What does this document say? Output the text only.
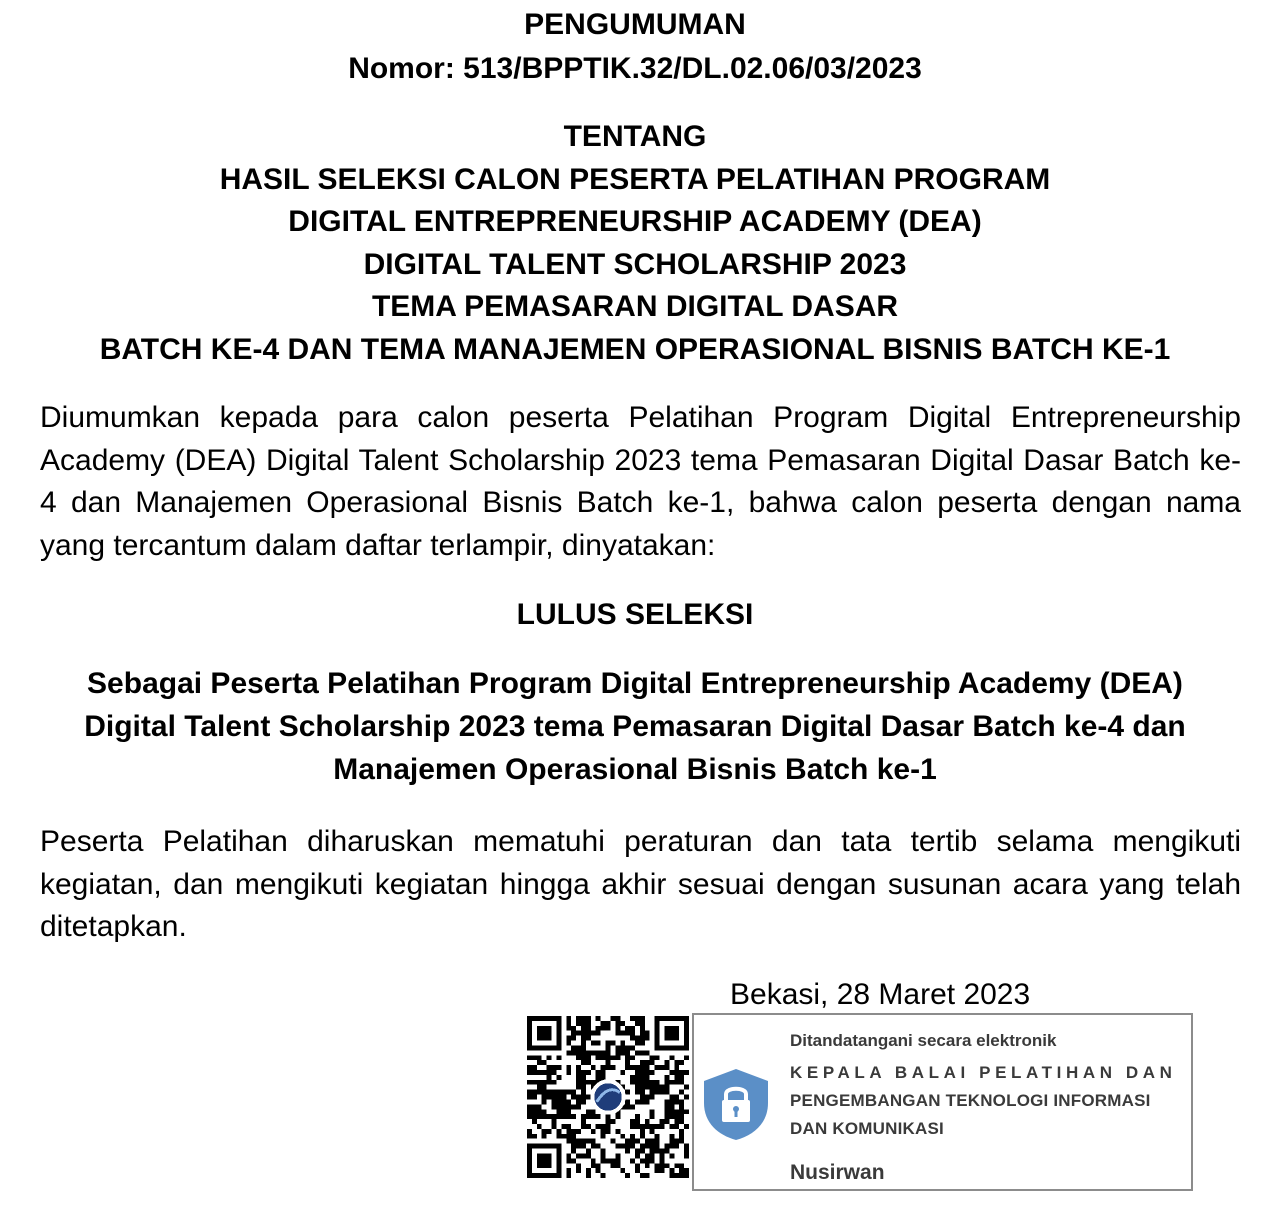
PENGUMUMAN
Nomor: 513/BPPTIK.32/DL.02.06/03/2023
TENTANG
HASIL SELEKSI CALON PESERTA PELATIHAN PROGRAM
DIGITAL ENTREPRENEURSHIP ACADEMY (DEA)
DIGITAL TALENT SCHOLARSHIP 2023
TEMA PEMASARAN DIGITAL DASAR
BATCH KE-4 DAN TEMA MANAJEMEN OPERASIONAL BISNIS BATCH KE-1
Diumumkan kepada para calon peserta Pelatihan Program Digital Entrepreneurship Academy (DEA) Digital Talent Scholarship 2023 tema Pemasaran Digital Dasar Batch ke-4 dan Manajemen Operasional Bisnis Batch ke-1, bahwa calon peserta dengan nama yang tercantum dalam daftar terlampir, dinyatakan:
LULUS SELEKSI
Sebagai Peserta Pelatihan Program Digital Entrepreneurship Academy (DEA)
Digital Talent Scholarship 2023 tema Pemasaran Digital Dasar Batch ke-4 dan
Manajemen Operasional Bisnis Batch ke-1
Peserta Pelatihan diharuskan mematuhi peraturan dan tata tertib selama mengikuti kegiatan, dan mengikuti kegiatan hingga akhir sesuai dengan susunan acara yang telah ditetapkan.
Bekasi, 28 Maret 2023
Ditandatangani secara elektronik
KEPALA BALAI PELATIHAN DAN
PENGEMBANGAN TEKNOLOGI INFORMASI
DAN KOMUNIKASI
Nusirwan
